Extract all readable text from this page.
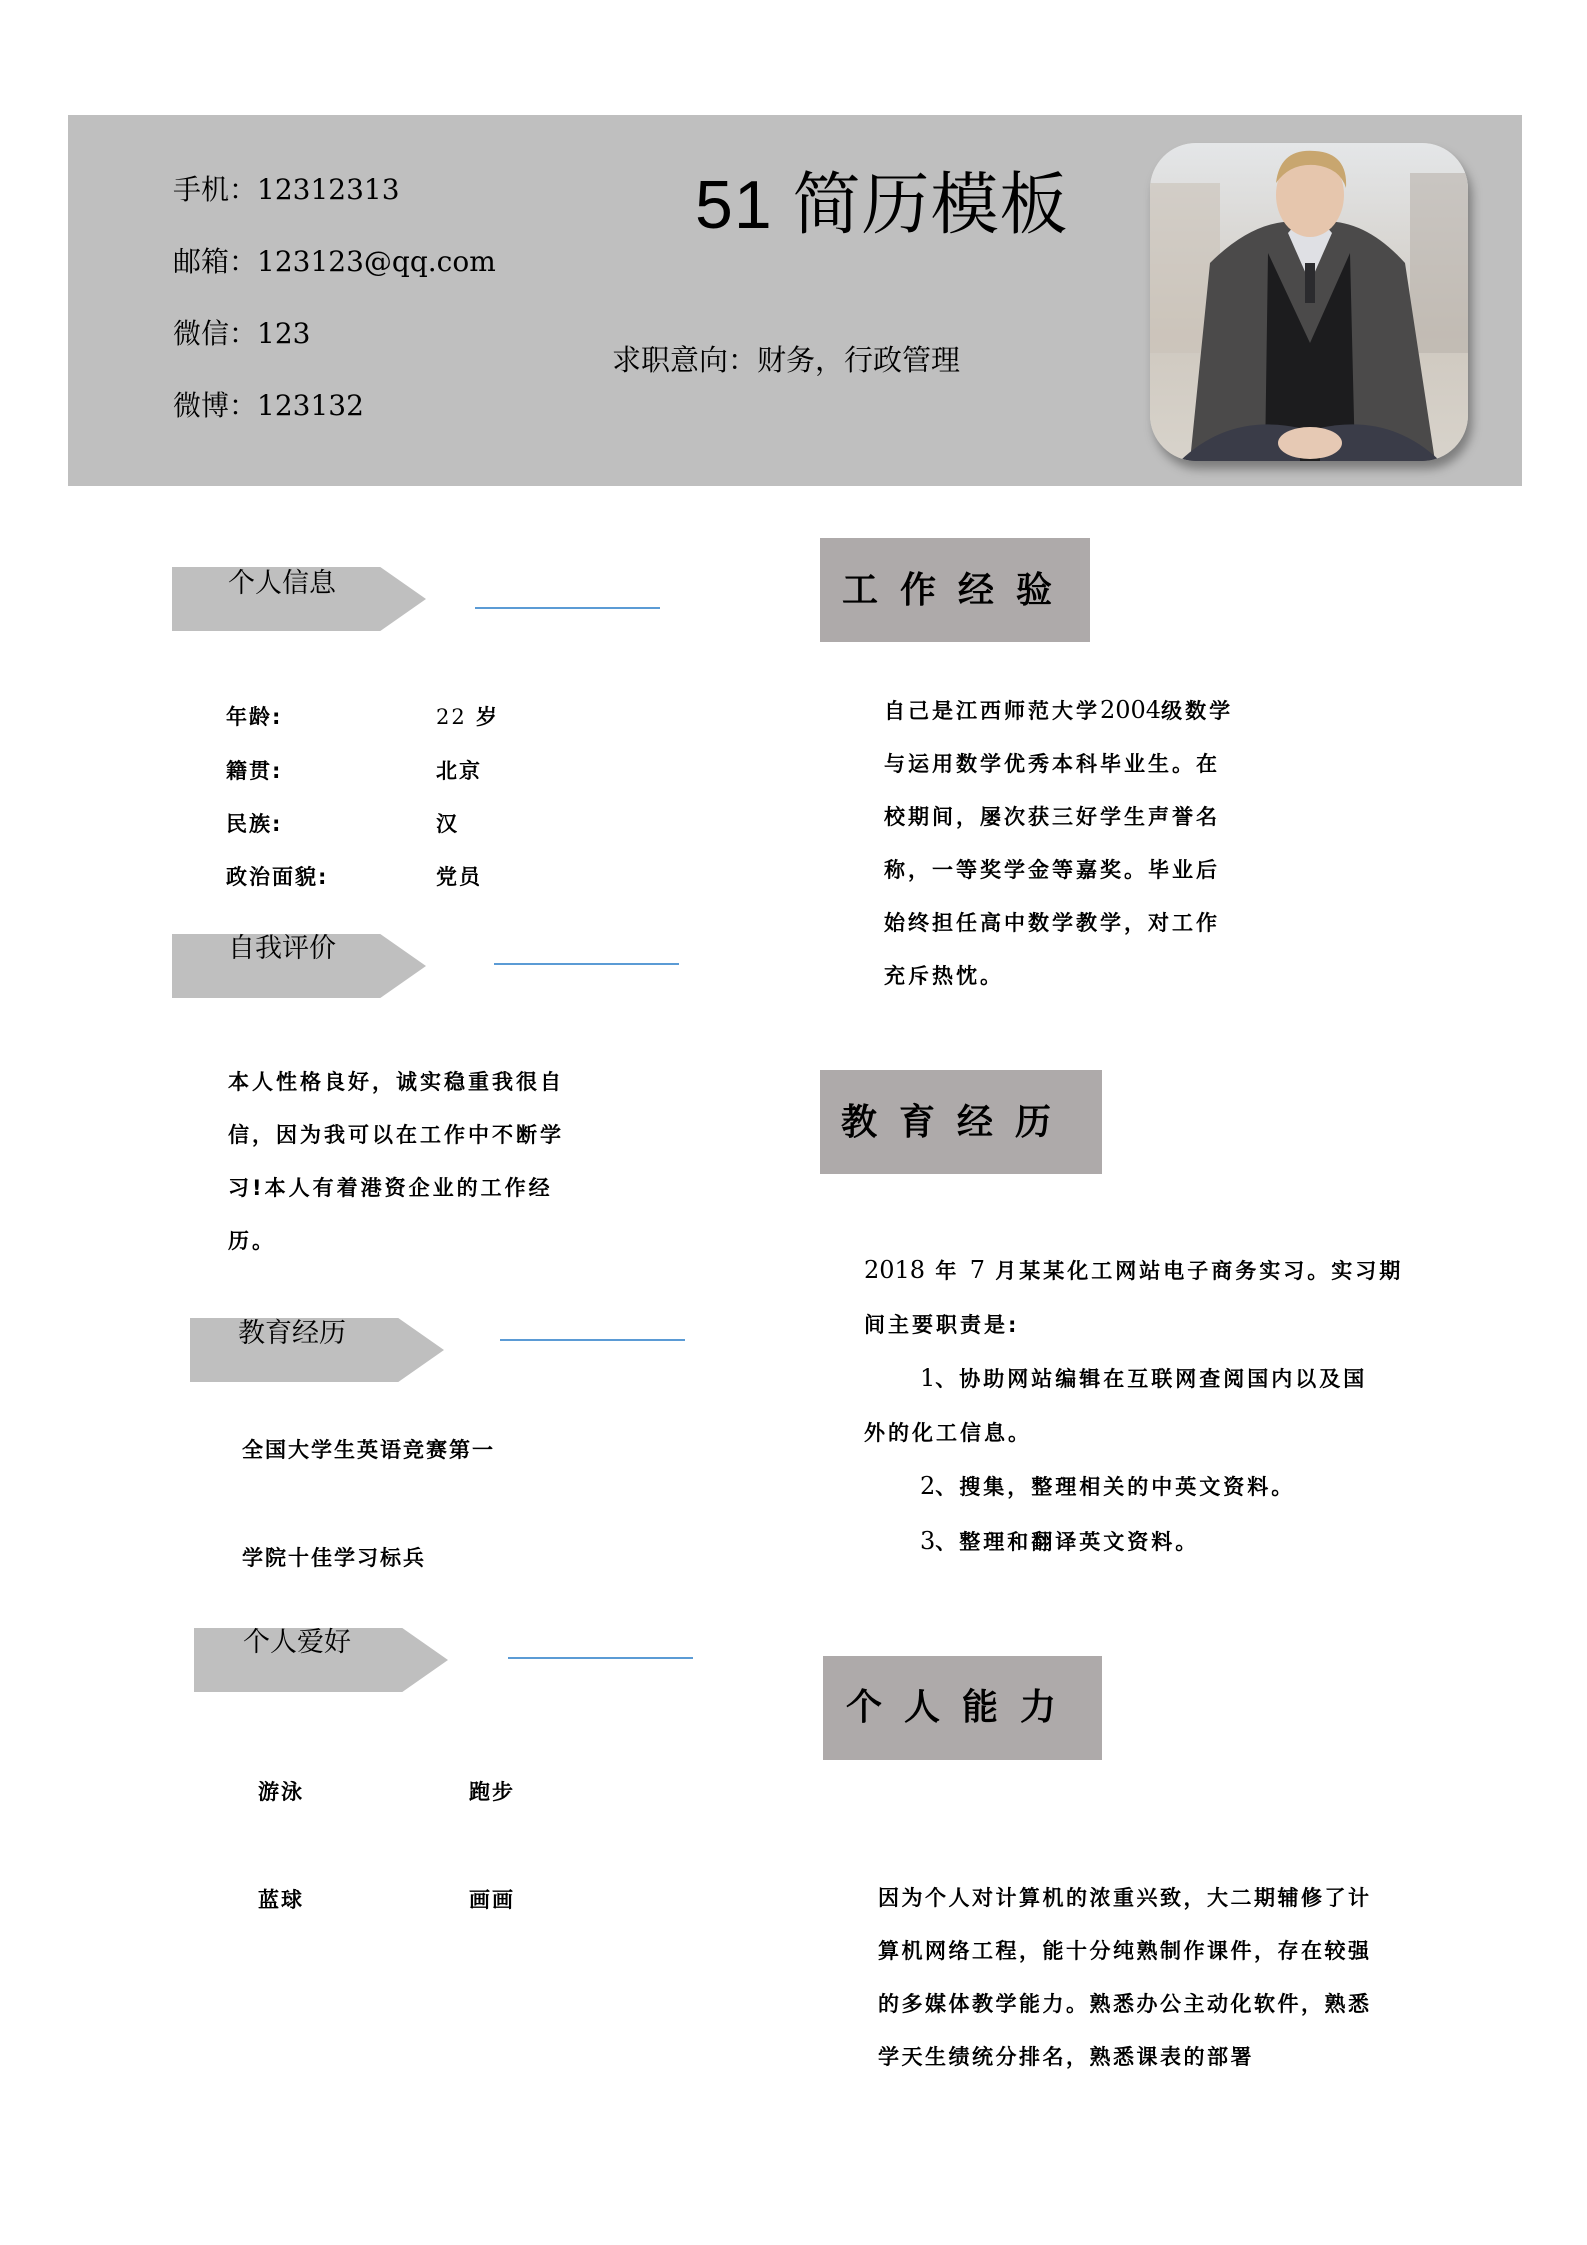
手机：12312313
邮箱：123123@qq.com
微信：123
微博：123132
51 简历模板
求职意向：财务，行政管理
个人信息
年龄:	22 岁
籍贯:	北京
民族:	汉
政治面貌:	党员
自我评价
本人性格良好，诚实稳重我很自
信，因为我可以在工作中不断学
习!本人有着港资企业的工作经
历。
教育经历
全国大学生英语竞赛第一
学院十佳学习标兵
个人爱好
游泳	跑步
蓝球	画画
工作经验
自己是江西师范大学2004级数学
与运用数学优秀本科毕业生。在
校期间，屡次获三好学生声誉名
称，一等奖学金等嘉奖。毕业后
始终担任高中数学教学，对工作
充斥热忱。
教育经历
2018 年 7 月某某化工网站电子商务实习。实习期
间主要职责是:
1、协助网站编辑在互联网查阅国内以及国
外的化工信息。
2、搜集，整理相关的中英文资料。
3、整理和翻译英文资料。
个人能力
因为个人对计算机的浓重兴致，大二期辅修了计
算机网络工程，能十分纯熟制作课件，存在较强
的多媒体教学能力。熟悉办公主动化软件，熟悉
学天生绩统分排名，熟悉课表的部署
